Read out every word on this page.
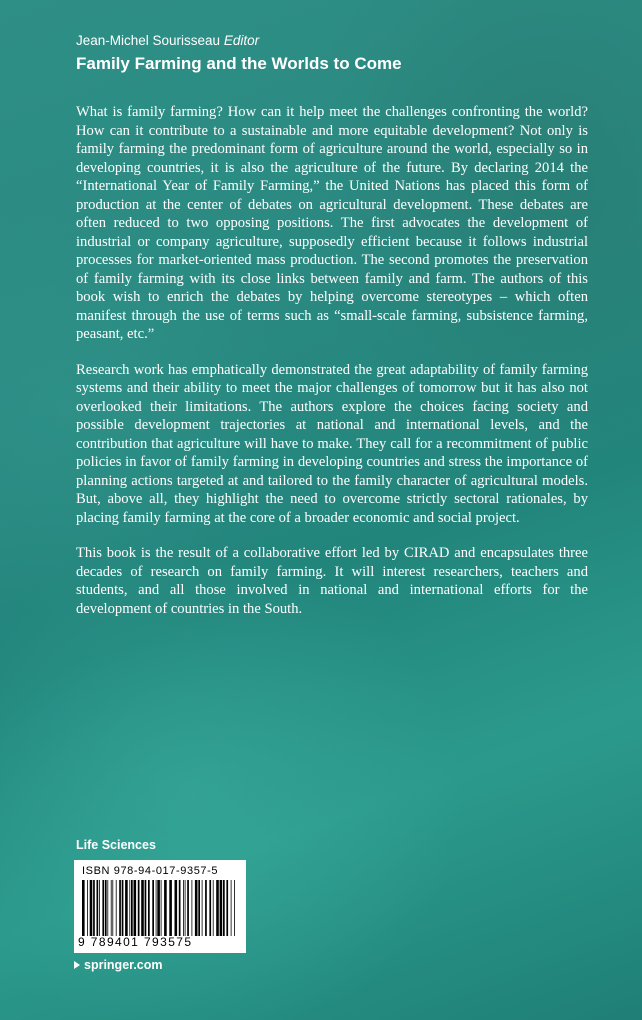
Jean-Michel Sourisseau Editor
Family Farming and the Worlds to Come

What is family farming? How can it help meet the challenges confronting the world? How can it contribute to a sustainable and more equitable development? Not only is family farming the predominant form of agriculture around the world, especially so in developing countries, it is also the agriculture of the future. By declaring 2014 the “International Year of Family Farming,” the United Nations has placed this form of production at the center of debates on agricultural development. These debates are often reduced to two opposing positions. The first advocates the development of industrial or company agriculture, supposedly efficient because it follows industrial processes for market-oriented mass production. The second promotes the preservation of family farming with its close links between family and farm. The authors of this book wish to enrich the debates by helping overcome stereotypes – which often manifest through the use of terms such as “small-scale farming, subsistence farming, peasant, etc.”

Research work has emphatically demonstrated the great adaptability of family farming systems and their ability to meet the major challenges of tomorrow but it has also not overlooked their limitations. The authors explore the choices facing society and possible development trajectories at national and international levels, and the contribution that agriculture will have to make. They call for a recommitment of public policies in favor of family farming in developing countries and stress the importance of planning actions targeted at and tailored to the family character of agricultural models. But, above all, they highlight the need to overcome strictly sectoral rationales, by placing family farming at the core of a broader economic and social project.

This book is the result of a collaborative effort led by CIRAD and encapsulates three decades of research on family farming. It will interest researchers, teachers and students, and all those involved in national and international efforts for the development of countries in the South.

Life Sciences
ISBN 978-94-017-9357-5
9 789401 793575
springer.com
